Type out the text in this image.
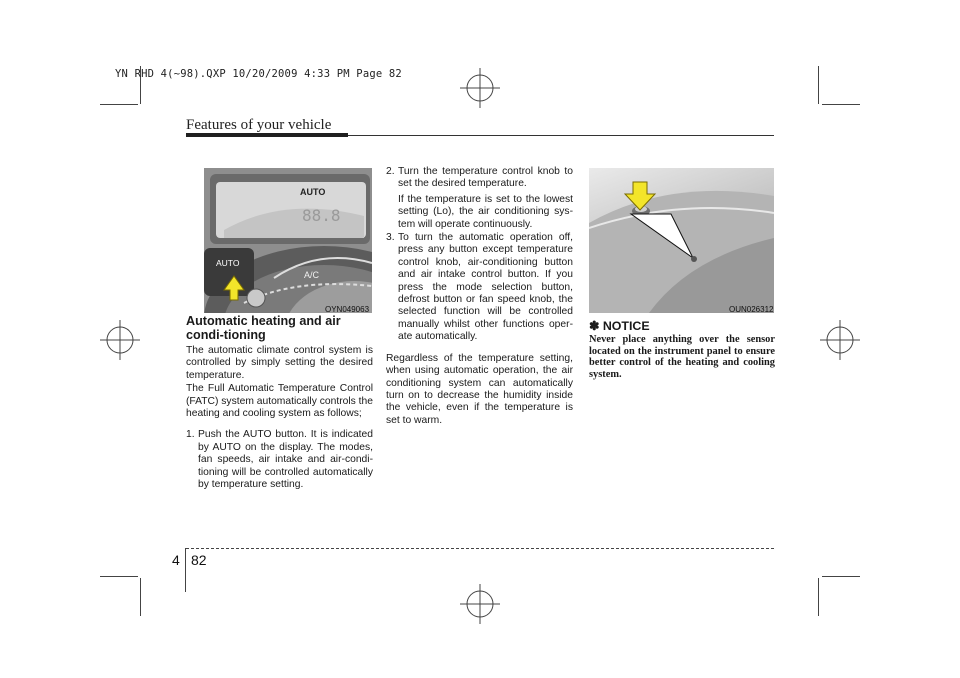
YN RHD 4(~98).QXP 10/20/2009 4:33 PM Page 82
Features of your vehicle
AUTO
88.8
AUTO
A/C
OYN049063	OUN026312
Automatic heating and air condi-tioning

The automatic climate control system is controlled by simply setting the desired temperature.

The Full Automatic Temperature Control (FATC) system automatically controls the heating and cooling system as follows;

1. Push the AUTO button. It is indicated by AUTO on the display. The modes, fan speeds, air intake and air-condi-tioning will be controlled automatically by temperature setting.
2. Turn the temperature control knob to set the desired temperature.
If the temperature is set to the lowest setting (Lo), the air conditioning sys-tem will operate continuously.
3. To turn the automatic operation off, press any button except temperature control knob, air-conditioning button and air intake control button. If you press the mode selection button, defrost button or fan speed knob, the selected function will be controlled manually whilst other functions oper-ate automatically.

Regardless of the temperature setting, when using automatic operation, the air conditioning system can automatically turn on to decrease the humidity inside the vehicle, even if the temperature is set to warm.

✽ NOTICE
Never place anything over the sensor located on the instrument panel to ensure better control of the heating and cooling system.
4 82
